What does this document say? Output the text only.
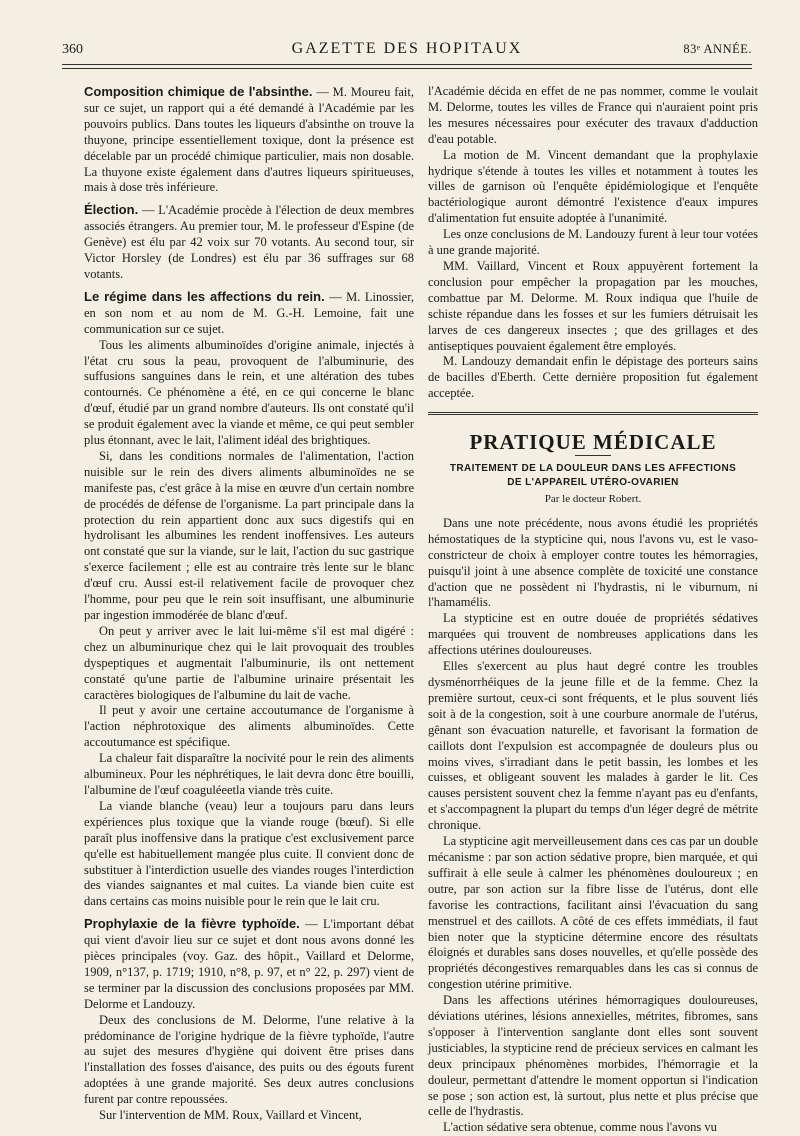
360	GAZETTE DES HOPITAUX	83ᵉ ANNÉE.

Composition chimique de l'absinthe. — M. Moureu fait, sur ce sujet, un rapport qui a été demandé à l'Académie par les pouvoirs publics. Dans toutes les liqueurs d'absinthe on trouve la thuyone, principe essentiellement toxique, dont la présence est décelable par un procédé chimique particulier, mais non dosable. La thuyone existe également dans d'autres liqueurs spiritueuses, mais à dose très inférieure.

Élection. — L'Académie procède à l'élection de deux membres associés étrangers. Au premier tour, M. le professeur d'Espine (de Genève) est élu par 42 voix sur 70 votants. Au second tour, sir Victor Horsley (de Londres) est élu par 36 suffrages sur 68 votants.

Le régime dans les affections du rein. — M. Linossier, en son nom et au nom de M. G.-H. Lemoine, fait une communication sur ce sujet.

Tous les aliments albuminoïdes d'origine animale, injectés à l'état cru sous la peau, provoquent de l'albuminurie, des suffusions sanguines dans le rein, et une altération des tubes contournés. Ce phénomène a été, en ce qui concerne le blanc d'œuf, étudié par un grand nombre d'auteurs. Ils ont constaté qu'il se produit également avec la viande et même, ce qui peut sembler plus étonnant, avec le lait, l'aliment idéal des brightiques.

Si, dans les conditions normales de l'alimentation, l'action nuisible sur le rein des divers aliments albuminoïdes ne se manifeste pas, c'est grâce à la mise en œuvre d'un certain nombre de procédés de défense de l'organisme. La part principale dans la protection du rein appartient donc aux sucs digestifs qui en hydrolisant les albumines les rendent inoffensives. Les auteurs ont constaté que sur la viande, sur le lait, l'action du suc gastrique s'exerce facilement ; elle est au contraire très lente sur le blanc d'œuf cru. Aussi est-il relativement facile de provoquer chez l'homme, pour peu que le rein soit insuffisant, une albuminurie par ingestion immodérée de blanc d'œuf.

On peut y arriver avec le lait lui-même s'il est mal digéré : chez un albuminurique chez qui le lait provoquait des troubles dyspeptiques et augmentait l'albuminurie, ils ont nettement constaté qu'une partie de l'albumine urinaire présentait les caractères biologiques de l'albumine du lait de vache.

Il peut y avoir une certaine accoutumance de l'organisme à l'action néphrotoxique des aliments albuminoïdes. Cette accoutumance est spécifique.

La chaleur fait disparaître la nocivité pour le rein des aliments albumineux. Pour les néphrétiques, le lait devra donc être bouilli, l'albumine de l'œuf coaguléeetla viande très cuite.

La viande blanche (veau) leur a toujours paru dans leurs expériences plus toxique que la viande rouge (bœuf). Si elle paraît plus inoffensive dans la pratique c'est exclusivement parce qu'elle est habituellement mangée plus cuite. Il convient donc de substituer à l'interdiction usuelle des viandes rouges l'interdiction des viandes saignantes et mal cuites. La viande bien cuite est dans certains cas moins nuisible pour le rein que le lait cru.

Prophylaxie de la fièvre typhoïde. — L'important débat qui vient d'avoir lieu sur ce sujet et dont nous avons donné les pièces principales (voy. Gaz. des hôpit., Vaillard et Delorme, 1909, n°137, p. 1719; 1910, n°8, p. 97, et n° 22, p. 297) vient de se terminer par la discussion des conclusions proposées par MM. Delorme et Landouzy.

Deux des conclusions de M. Delorme, l'une relative à la prédominance de l'origine hydrique de la fièvre typhoïde, l'autre au sujet des mesures d'hygiène qui doivent être prises dans l'installation des fosses d'aisance, des puits ou des égouts furent adoptées à une grande majorité. Ses deux autres conclusions furent par contre repoussées.

Sur l'intervention de MM. Roux, Vaillard et Vincent,

l'Académie décida en effet de ne pas nommer, comme le voulait M. Delorme, toutes les villes de France qui n'auraient point pris les mesures nécessaires pour exécuter des travaux d'adduction d'eau potable.

La motion de M. Vincent demandant que la prophylaxie hydrique s'étende à toutes les villes et notamment à toutes les villes de garnison où l'enquête épidémiologique et l'enquête bactériologique auront démontré l'existence d'eaux impures d'alimentation fut ensuite adoptée à l'unanimité.

Les onze conclusions de M. Landouzy furent à leur tour votées à une grande majorité.

MM. Vaillard, Vincent et Roux appuyèrent fortement la conclusion pour empêcher la propagation par les mouches, combattue par M. Delorme. M. Roux indiqua que l'huile de schiste répandue dans les fosses et sur les fumiers détruisait les larves de ces dangereux insectes ; que des grillages et des antiseptiques pouvaient également être employés.

M. Landouzy demandait enfin le dépistage des porteurs sains de bacilles d'Eberth. Cette dernière proposition fut également acceptée.

PRATIQUE MÉDICALE
TRAITEMENT DE LA DOULEUR DANS LES AFFECTIONS
DE L'APPAREIL UTÉRO-OVARIEN
Par le docteur Robert.

Dans une note précédente, nous avons étudié les propriétés hémostatiques de la stypticine qui, nous l'avons vu, est le vaso-constricteur de choix à employer contre toutes les hémorragies, puisqu'il joint à une absence complète de toxicité une constance d'action que ne possèdent ni l'hydrastis, ni le viburnum, ni l'hamamélis.

La stypticine est en outre douée de propriétés sédatives marquées qui trouvent de nombreuses applications dans les affections utérines douloureuses.

Elles s'exercent au plus haut degré contre les troubles dysménorrhéiques de la jeune fille et de la femme. Chez la première surtout, ceux-ci sont fréquents, et le plus souvent liés soit à de la congestion, soit à une courbure anormale de l'utérus, gênant son évacuation naturelle, et favorisant la formation de caillots dont l'expulsion est accompagnée de douleurs plus ou moins vives, s'irradiant dans le petit bassin, les lombes et les cuisses, et obligeant souvent les malades à garder le lit. Ces causes persistent souvent chez la femme n'ayant pas eu d'enfants, et s'accompagnent la plupart du temps d'un léger degré de métrite chronique.

La stypticine agit merveilleusement dans ces cas par un double mécanisme : par son action sédative propre, bien marquée, et qui suffirait à elle seule à calmer les phénomènes douloureux ; en outre, par son action sur la fibre lisse de l'utérus, dont elle favorise les contractions, facilitant ainsi l'évacuation du sang menstruel et des caillots. A côté de ces effets immédiats, il faut bien noter que la stypticine détermine encore des résultats éloignés et durables sans doses nouvelles, et qu'elle possède des propriétés décongestives remarquables dans les cas si connus de congestion utérine primitive.

Dans les affections utérines hémorragiques douloureuses, déviations utérines, lésions annexielles, métrites, fibromes, sans s'opposer à l'intervention sanglante dont elles sont souvent justiciables, la stypticine rend de précieux services en calmant les deux principaux phénomènes morbides, l'hémorragie et la douleur, permettant d'attendre le moment opportun si l'indication se pose ; son action est, là surtout, plus nette et plus précise que celle de l'hydrastis.

L'action sédative sera obtenue, comme nous l'avons vu
